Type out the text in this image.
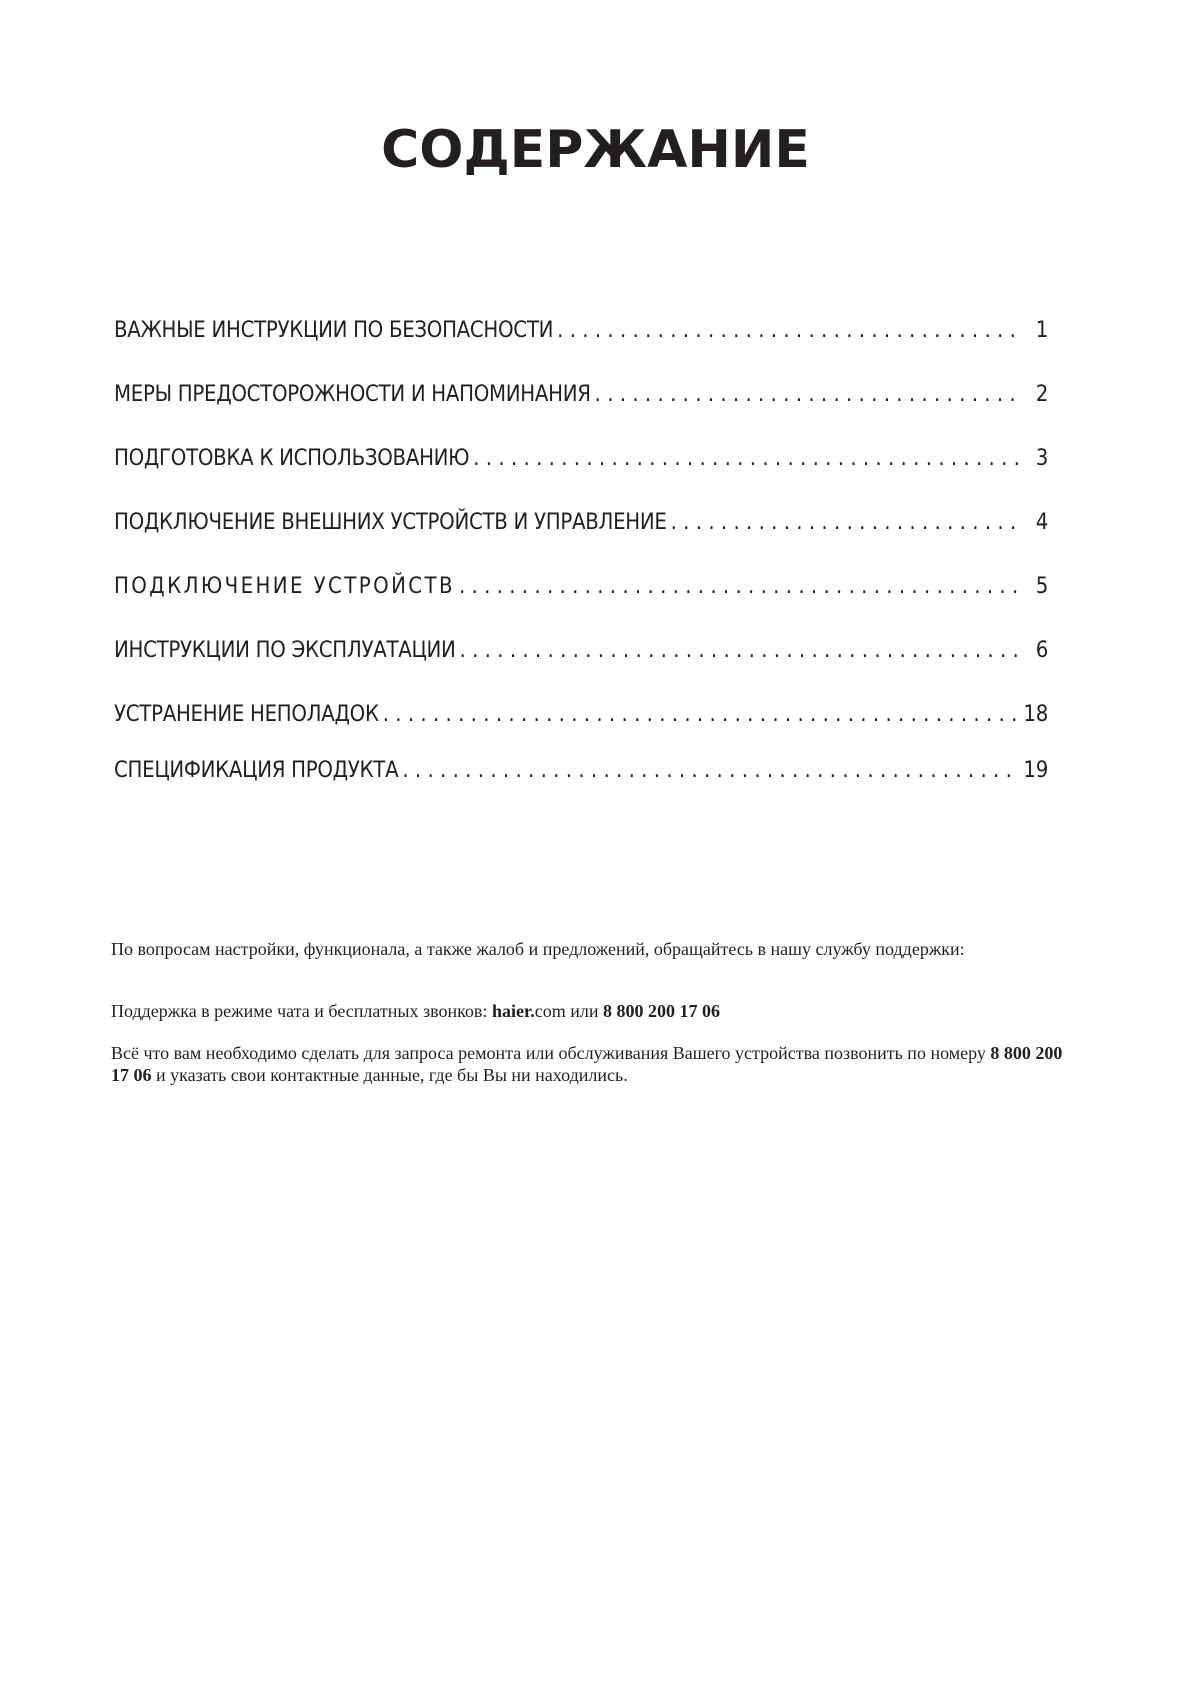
СОДЕРЖАНИЕ
ВАЖНЫЕ ИНСТРУКЦИИ ПО БЕЗОПАСНОСТИ . . .	1
МЕРЫ ПРЕДОСТОРОЖНОСТИ И НАПОМИНАНИЯ . . .	2
ПОДГОТОВКА К ИСПОЛЬЗОВАНИЮ . . .	3
ПОДКЛЮЧЕНИЕ ВНЕШНИХ УСТРОЙСТВ И УПРАВЛЕНИЕ . . .	4
ПОДКЛЮЧЕНИЕ УСТРОЙСТВ . . .	5
ИНСТРУКЦИИ ПО ЭКСПЛУАТАЦИИ . . .	6
УСТРАНЕНИЕ НЕПОЛАДОК . . .	18
СПЕЦИФИКАЦИЯ ПРОДУКТА . . .	19

По вопросам настройки, функционала, а также жалоб и предложений, обращайтесь в нашу службу поддержки:

Поддержка в режиме чата и бесплатных звонков: haier.com или 8 800 200 17 06

Всё что вам необходимо сделать для запроса ремонта или обслуживания Вашего устройства позвонить по номеру 8 800 200 17 06 и указать свои контактные данные, где бы Вы ни находились.
